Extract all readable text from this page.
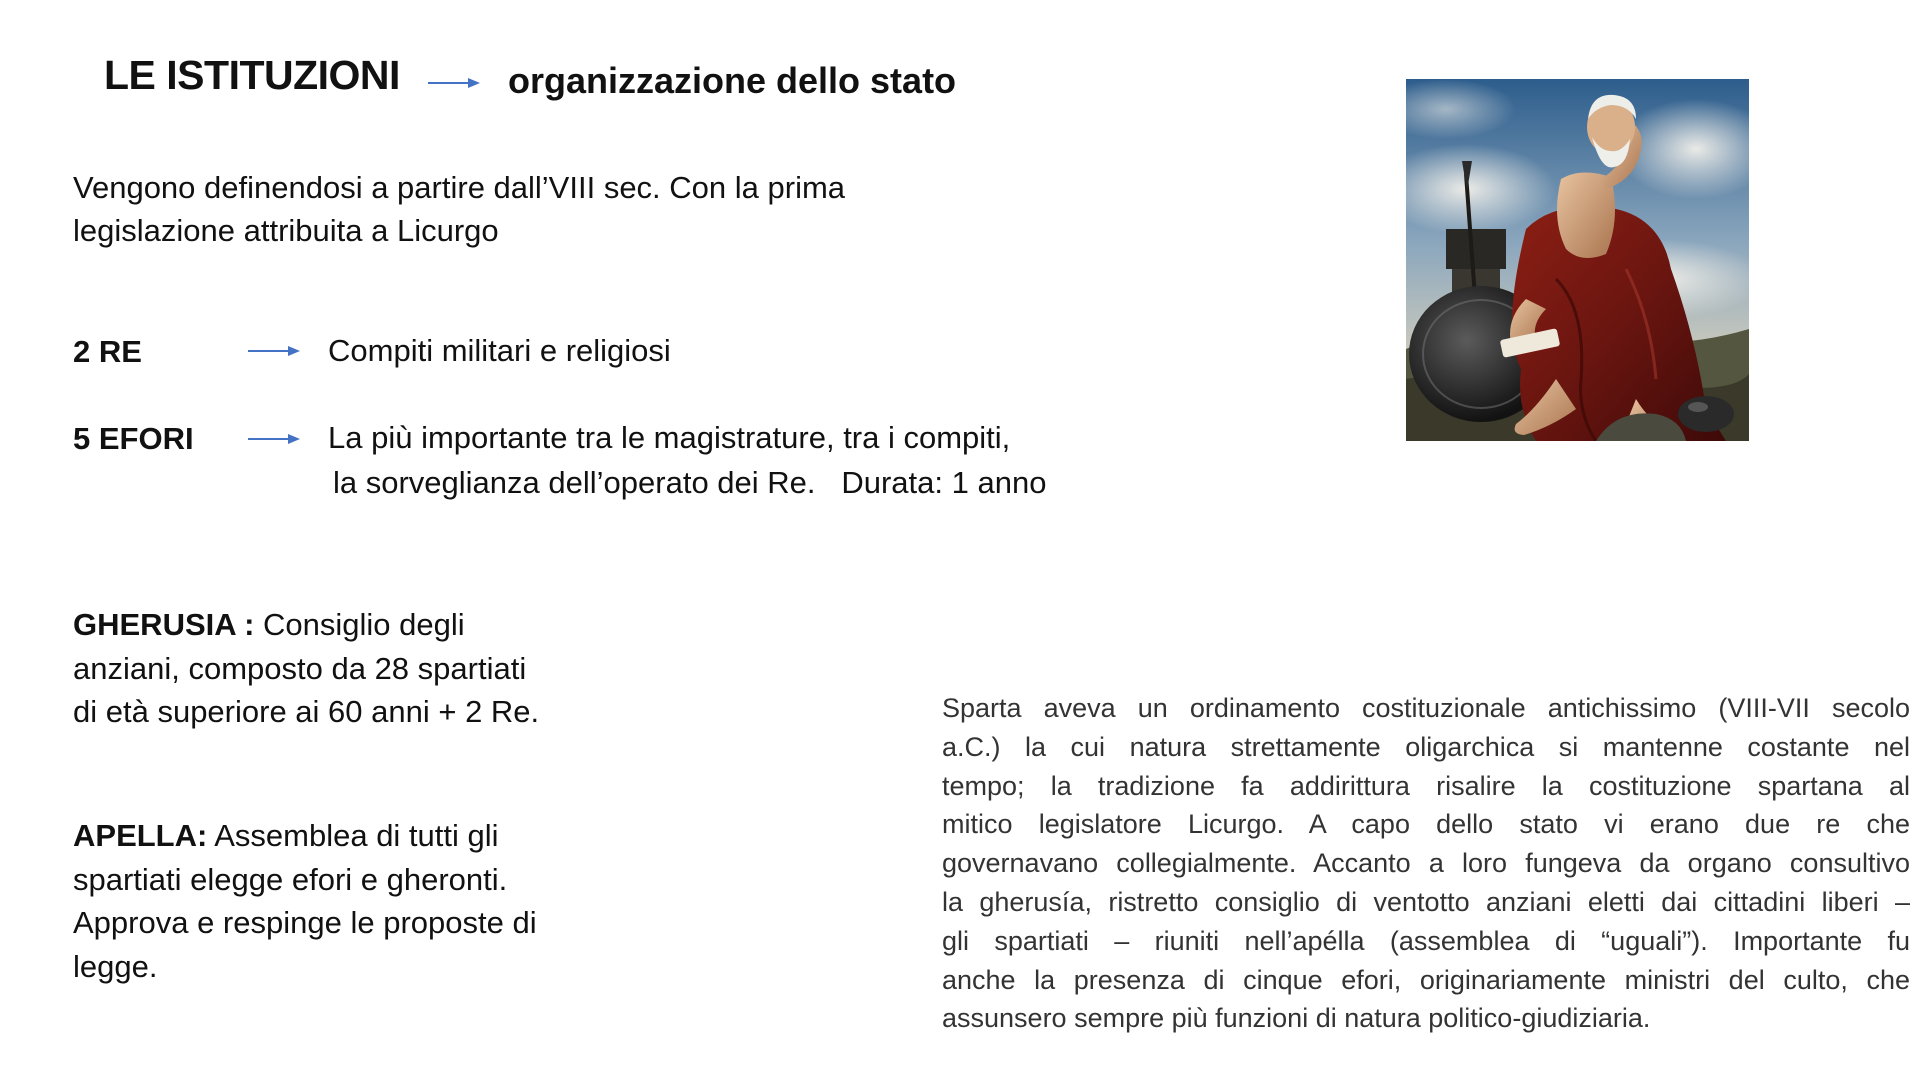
LE ISTITUZIONI	organizzazione dello stato
Vengono definendosi a partire dall’VIII sec. Con la prima
legislazione attribuita a Licurgo
2 RE	Compiti militari e religiosi
5 EFORI	La più importante tra le magistrature, tra i compiti,
la sorveglianza dell’operato dei Re.   Durata: 1 anno
GHERUSIA : Consiglio degli
anziani, composto da 28 spartiati
di età superiore ai 60 anni + 2 Re.
APELLA: Assemblea di tutti gli
spartiati elegge efori e gheronti.
Approva e respinge le proposte di
legge.
Sparta aveva un ordinamento costituzionale antichissimo (VIII-VII secolo
a.C.) la cui natura strettamente oligarchica si mantenne costante nel
tempo; la tradizione fa addirittura risalire la costituzione spartana al
mitico legislatore Licurgo. A capo dello stato vi erano due re che
governavano collegialmente. Accanto a loro fungeva da organo consultivo
la gherusía, ristretto consiglio di ventotto anziani eletti dai cittadini liberi –
gli spartiati – riuniti nell’apélla (assemblea di “uguali”). Importante fu
anche la presenza di cinque efori, originariamente ministri del culto, che
assunsero sempre più funzioni di natura politico-giudiziaria.
